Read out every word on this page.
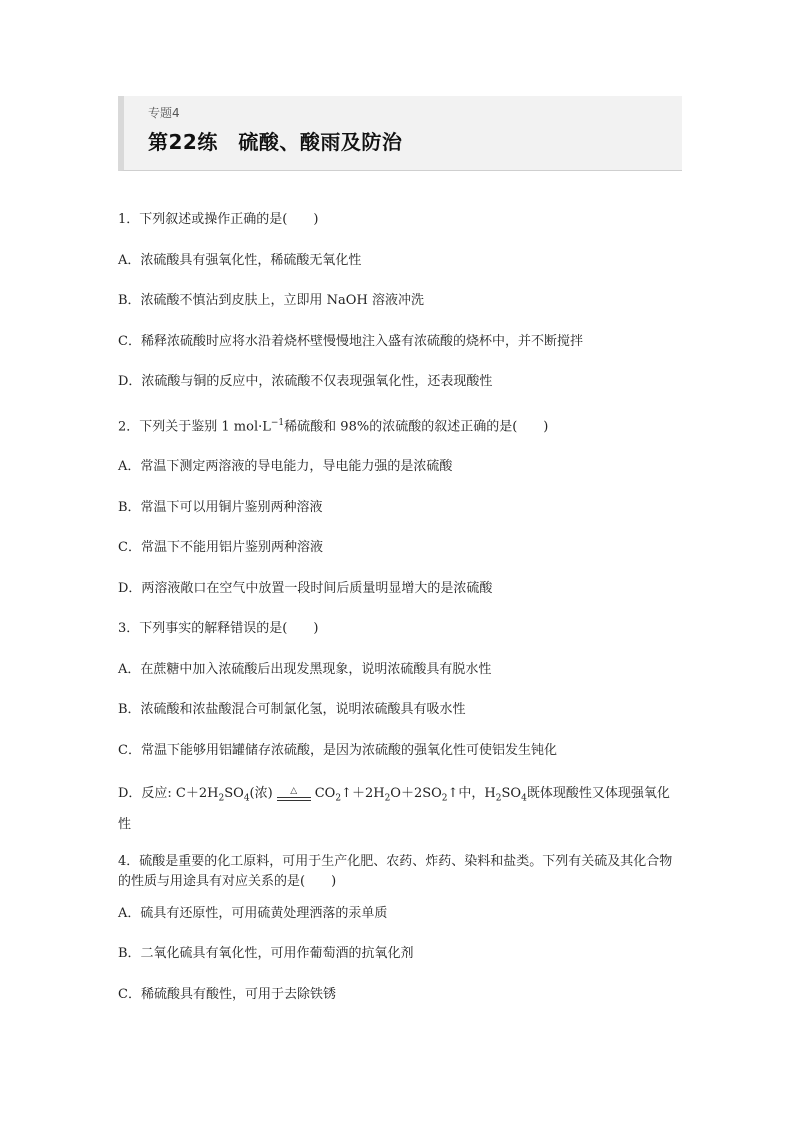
专题4
第22练　硫酸、酸雨及防治
1．下列叙述或操作正确的是(　　)
A．浓硫酸具有强氧化性，稀硫酸无氧化性
B．浓硫酸不慎沾到皮肤上，立即用 NaOH 溶液冲洗
C．稀释浓硫酸时应将水沿着烧杯壁慢慢地注入盛有浓硫酸的烧杯中，并不断搅拌
D．浓硫酸与铜的反应中，浓硫酸不仅表现强氧化性，还表现酸性
2．下列关于鉴别 1 $mol\cdot L^{-1}$稀硫酸和 98%的浓硫酸的叙述正确的是(　　)
A．常温下测定两溶液的导电能力，导电能力强的是浓硫酸
B．常温下可以用铜片鉴别两种溶液
C．常温下不能用铝片鉴别两种溶液
D．两溶液敞口在空气中放置一段时间后质量明显增大的是浓硫酸
3．下列事实的解释错误的是(　　)
A．在蔗糖中加入浓硫酸后出现发黑现象，说明浓硫酸具有脱水性
B．浓硫酸和浓盐酸混合可制氯化氢，说明浓硫酸具有吸水性
C．常温下能够用铝罐储存浓硫酸，是因为浓硫酸的强氧化性可使铝发生钝化
D．反应: $C+2H_2SO_4$(浓)	△	$CO_2↑+2H_2O+2SO_2↑$中，$H_2SO_4$既体现酸性又体现强氧化性
4．硫酸是重要的化工原料，可用于生产化肥、农药、炸药、染料和盐类。下列有关硫及其化合物的性质与用途具有对应关系的是(　　)
A．硫具有还原性，可用硫黄处理洒落的汞单质
B．二氧化硫具有氧化性，可用作葡萄酒的抗氧化剂
C．稀硫酸具有酸性，可用于去除铁锈
